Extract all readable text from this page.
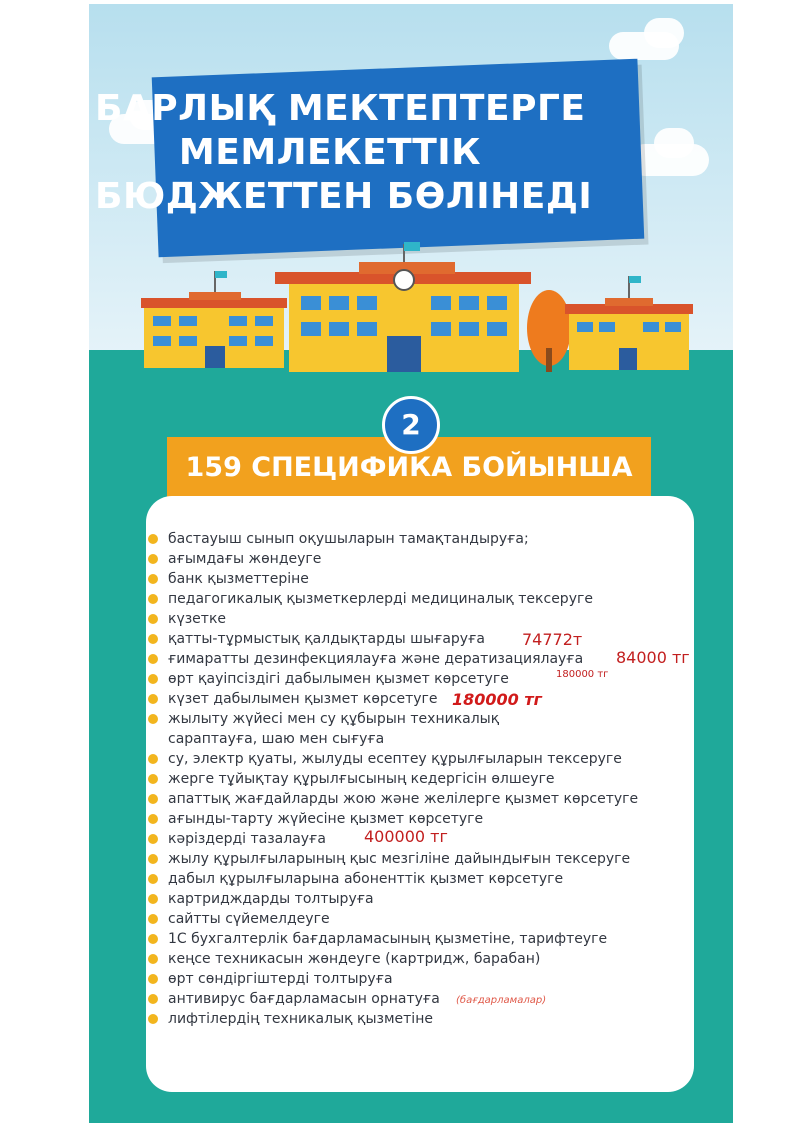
БАРЛЫҚ МЕКТЕПТЕРГЕ
МЕМЛЕКЕТТІК
БЮДЖЕТТЕН БӨЛІНЕДІ
2
159 СПЕЦИФИКА БОЙЫНША
бастауыш сынып оқушыларын тамақтандыруға;
ағымдағы жөндеуге
банк қызметтеріне
педагогикалық қызметкерлерді медициналық тексеруге
күзетке
қатты-тұрмыстық қалдықтарды шығаруға
ғимаратты дезинфекциялауға және дератизациялауға
өрт қауіпсіздігі дабылымен қызмет көрсетуге
күзет дабылымен қызмет көрсетуге
жылыту жүйесі мен су құбырын техникалық
сараптауға, шаю мен сығуға
су, электр қуаты, жылуды есептеу құрылғыларын тексеруге
жерге тұйықтау құрылғысының кедергісін өлшеуге
апаттық жағдайларды жою және желілерге қызмет көрсетуге
ағынды-тарту жүйесіне қызмет көрсетуге
кәріздерді тазалауға
жылу құрылғыларының қыс мезгіліне дайындығын тексеруге
дабыл құрылғыларына абоненттік қызмет көрсетуге
картридждарды толтыруға
сайтты сүйемелдеуге
1С бухгалтерлік бағдарламасының қызметіне, тарифтеуге
кеңсе техникасын жөндеуге (картридж, барабан)
өрт сөндіргіштерді толтыруға
антивирус бағдарламасын орнатуға
лифтілердің техникалық қызметіне
74772т
84000 тг
180000 тг
180000 тг
400000 тг
(бағдарламалар)
